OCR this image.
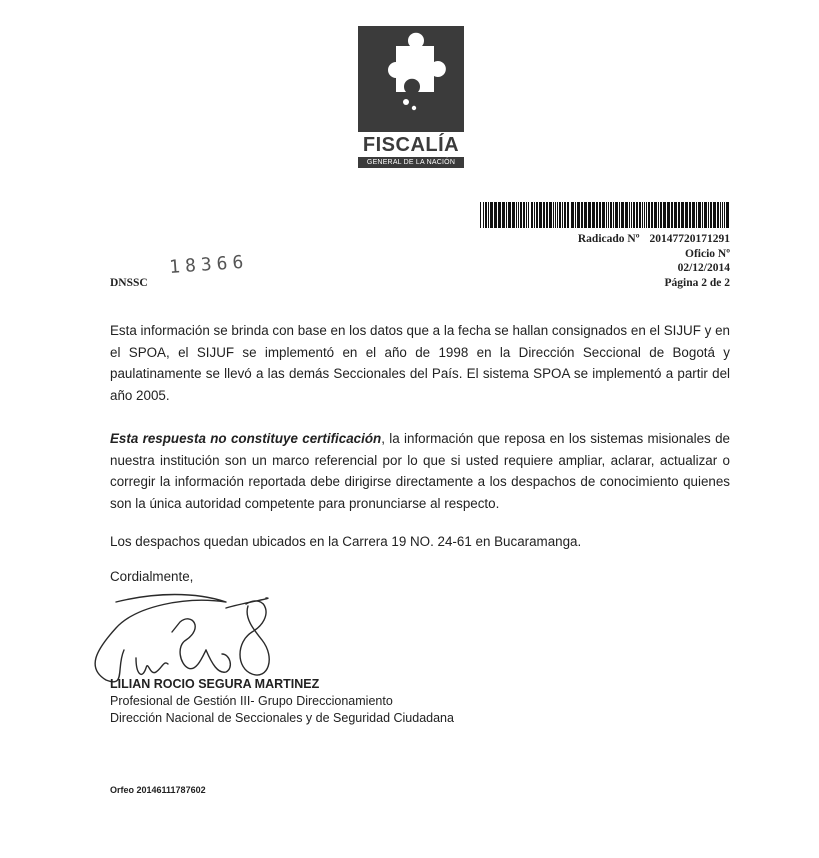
FISCALÍA
GENERAL DE LA NACIÓN
Radicado Nº 20147720171291
Oficio Nº
02/12/2014
Página 2 de 2
DNSSC
18366

Esta información se brinda con base en los datos que a la fecha se hallan consignados en el SIJUF y en el SPOA, el SIJUF se implementó en el año de 1998 en la Dirección Seccional de Bogotá y paulatinamente se llevó a las demás Seccionales del País. El sistema SPOA se implementó a partir del año 2005.

Esta respuesta no constituye certificación, la información que reposa en los sistemas misionales de nuestra institución son un marco referencial por lo que si usted requiere ampliar, aclarar, actualizar o corregir la información reportada debe dirigirse directamente a los despachos de conocimiento quienes son la única autoridad competente para pronunciarse al respecto.

Los despachos quedan ubicados en la Carrera 19 NO. 24-61 en Bucaramanga.

Cordialmente,

LILIAN ROCIO SEGURA MARTINEZ
Profesional de Gestión III- Grupo Direccionamiento
Dirección Nacional de Seccionales y de Seguridad Ciudadana
Orfeo 20146111787602
